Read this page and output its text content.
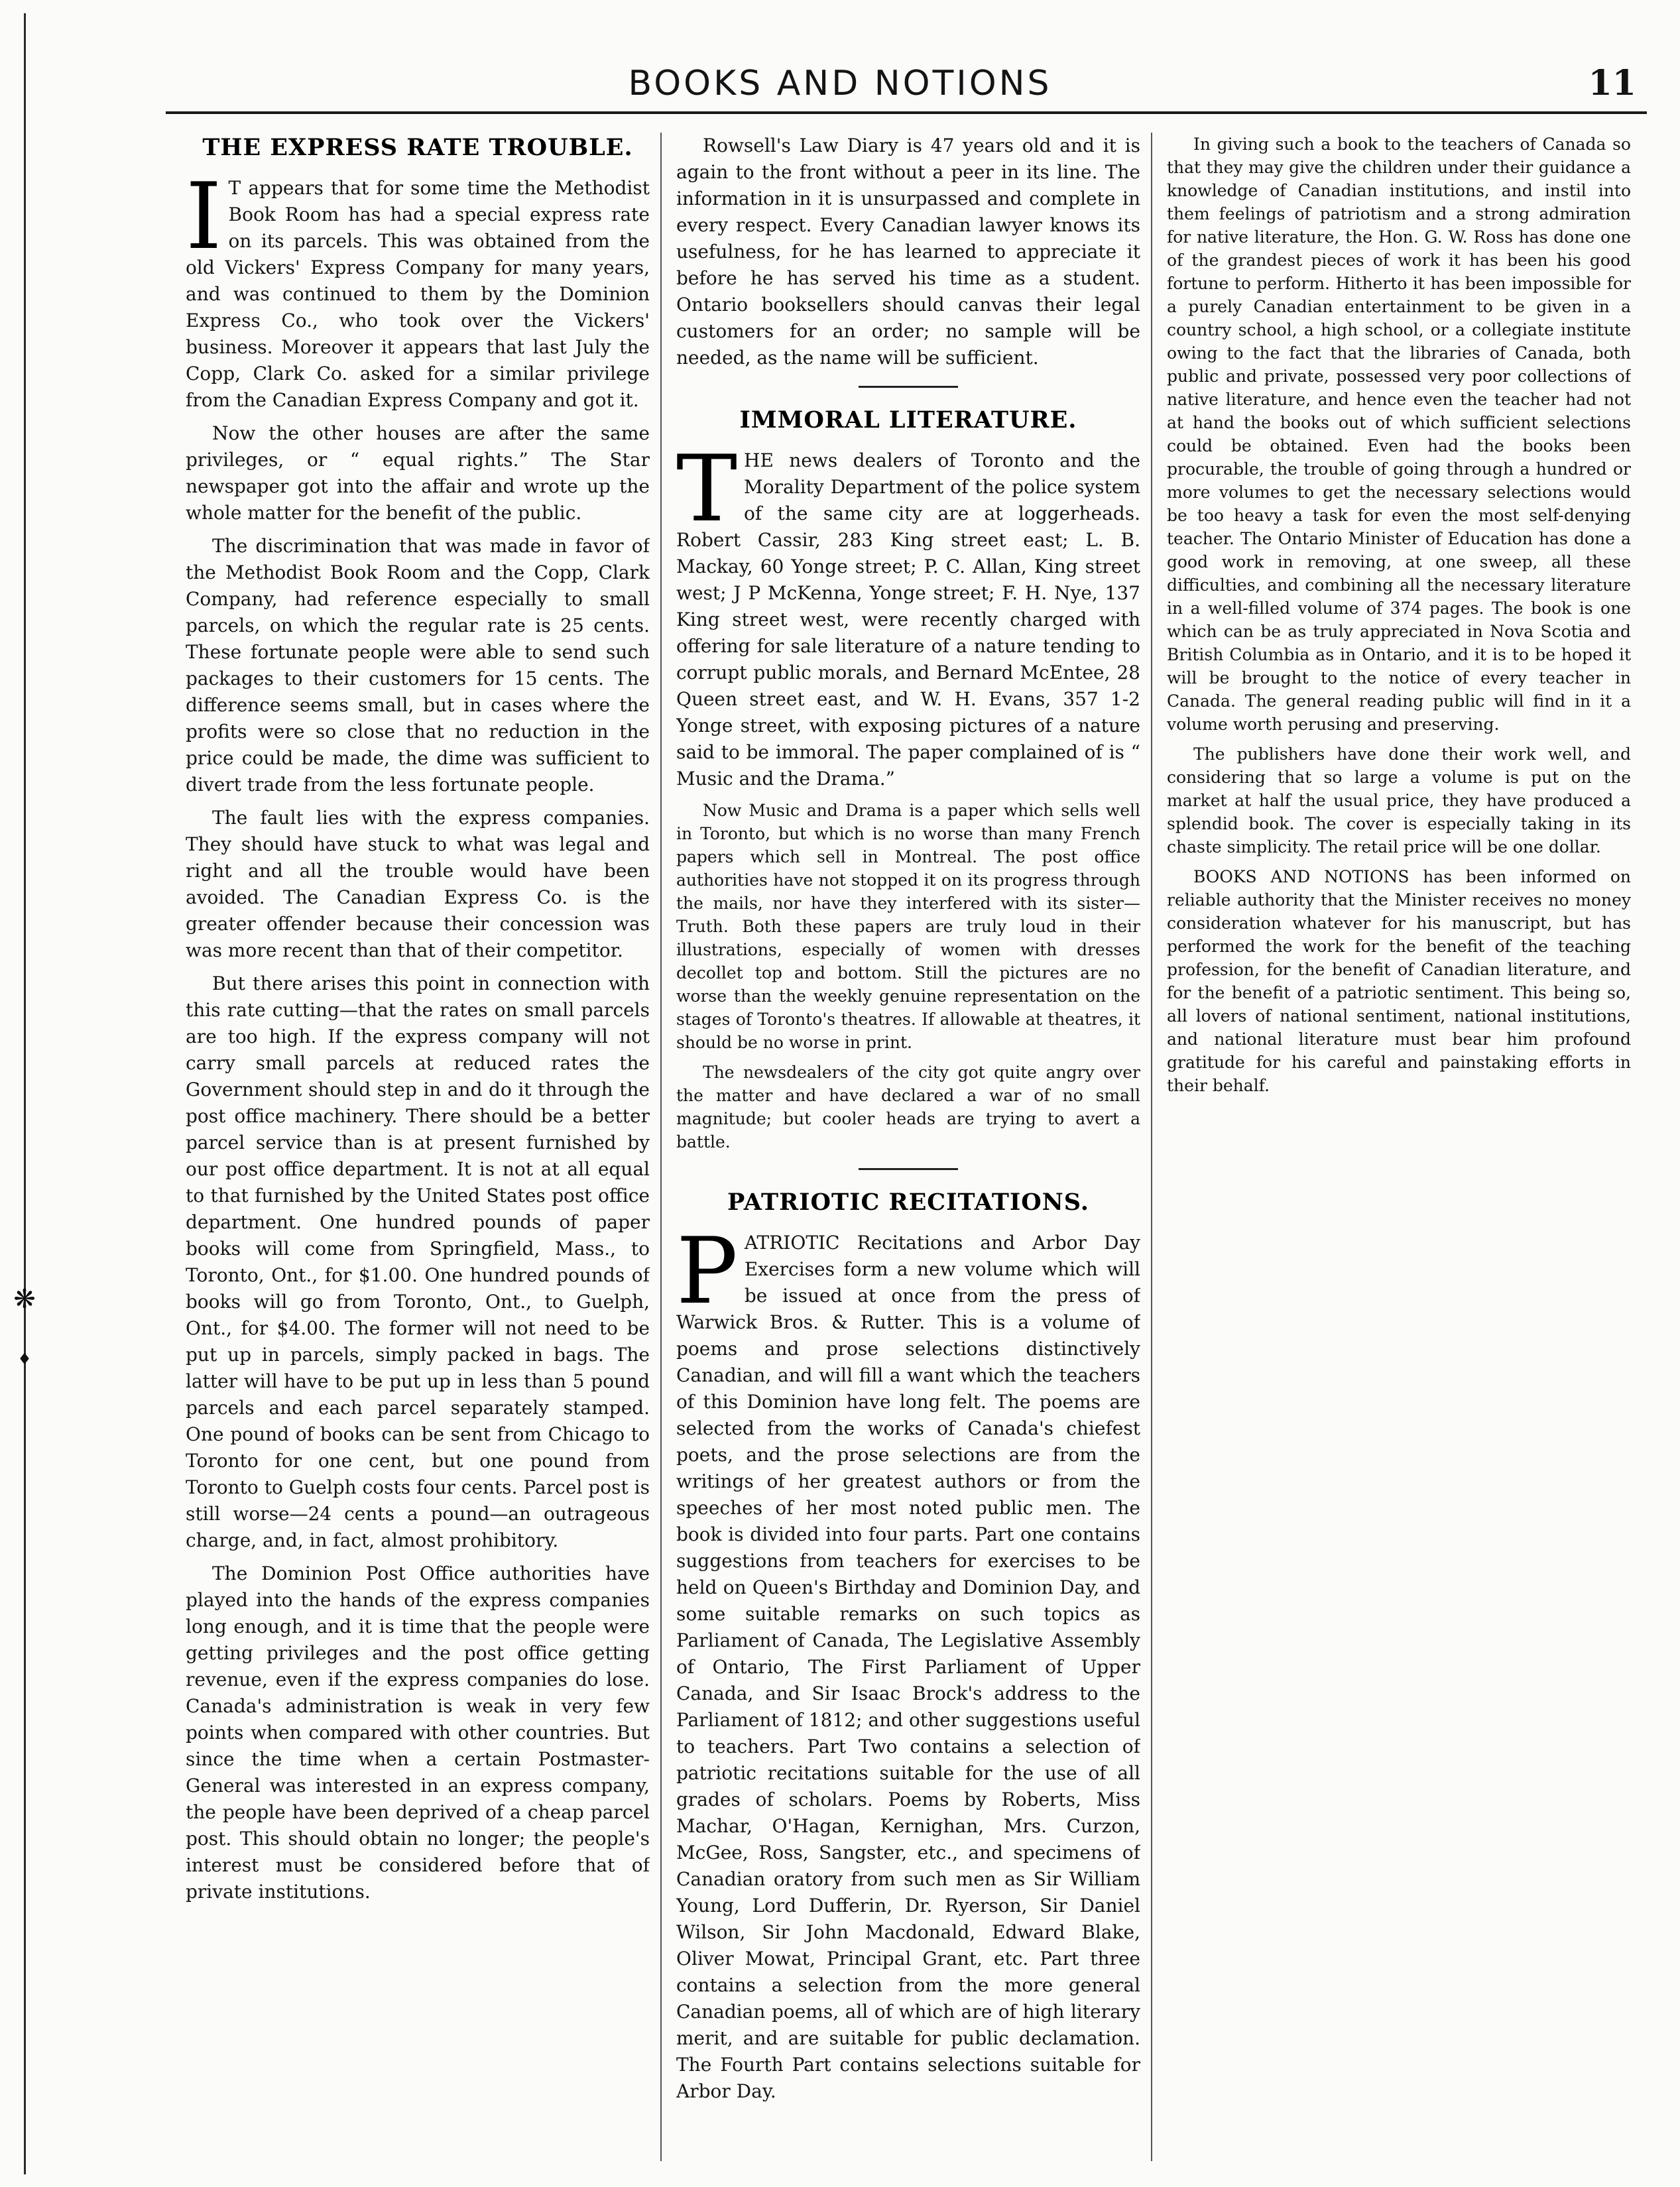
❋
♦
BOOKS AND NOTIONS	11
THE EXPRESS RATE TROUBLE.

I T appears that for some time the Methodist Book Room has had a special express rate on its parcels. This was obtained from the old Vickers' Express Company for many years, and was continued to them by the Dominion Express Co., who took over the Vickers' business. Moreover it appears that last July the Copp, Clark Co. asked for a similar privilege from the Canadian Express Company and got it.

Now the other houses are after the same privileges, or “ equal rights.” The Star newspaper got into the affair and wrote up the whole matter for the benefit of the public.

The discrimination that was made in favor of the Methodist Book Room and the Copp, Clark Company, had reference especially to small parcels, on which the regular rate is 25 cents. These fortunate people were able to send such packages to their customers for 15 cents. The difference seems small, but in cases where the profits were so close that no reduction in the price could be made, the dime was sufficient to divert trade from the less fortunate people.

The fault lies with the express companies. They should have stuck to what was legal and right and all the trouble would have been avoided. The Canadian Express Co. is the greater offender because their concession was was more recent than that of their competitor.

But there arises this point in connection with this rate cutting—that the rates on small parcels are too high. If the express company will not carry small parcels at reduced rates the Government should step in and do it through the post office machinery. There should be a better parcel service than is at present furnished by our post office department. It is not at all equal to that furnished by the United States post office department. One hundred pounds of paper books will come from Springfield, Mass., to Toronto, Ont., for $1.00. One hundred pounds of books will go from Toronto, Ont., to Guelph, Ont., for $4.00. The former will not need to be put up in parcels, simply packed in bags. The latter will have to be put up in less than 5 pound parcels and each parcel separately stamped. One pound of books can be sent from Chicago to Toronto for one cent, but one pound from Toronto to Guelph costs four cents. Parcel post is still worse—24 cents a pound—an outrageous charge, and, in fact, almost prohibitory.

The Dominion Post Office authorities have played into the hands of the express companies long enough, and it is time that the people were getting privileges and the post office getting revenue, even if the express companies do lose. Canada's administration is weak in very few points when compared with other countries. But since the time when a certain Postmaster-General was interested in an express company, the people have been deprived of a cheap parcel post. This should obtain no longer; the people's interest must be considered before that of private institutions.

Rowsell's Law Diary is 47 years old and it is again to the front without a peer in its line. The information in it is unsurpassed and complete in every respect. Every Canadian lawyer knows its usefulness, for he has learned to appreciate it before he has served his time as a student. Ontario booksellers should canvas their legal customers for an order; no sample will be needed, as the name will be sufficient.

IMMORAL LITERATURE.

THE news dealers of Toronto and the Morality Department of the police system of the same city are at loggerheads. Robert Cassir, 283 King street east; L. B. Mackay, 60 Yonge street; P. C. Allan, King street west; J P McKenna, Yonge street; F. H. Nye, 137 King street west, were recently charged with offering for sale literature of a nature tending to corrupt public morals, and Bernard McEntee, 28 Queen street east, and W. H. Evans, 357 1-2 Yonge street, with exposing pictures of a nature said to be immoral. The paper complained of is “ Music and the Drama.”

Now Music and Drama is a paper which sells well in Toronto, but which is no worse than many French papers which sell in Montreal. The post office authorities have not stopped it on its progress through the mails, nor have they interfered with its sister—Truth. Both these papers are truly loud in their illustrations, especially of women with dresses decollet top and bottom. Still the pictures are no worse than the weekly genuine representation on the stages of Toronto's theatres. If allowable at theatres, it should be no worse in print.

The newsdealers of the city got quite angry over the matter and have declared a war of no small magnitude; but cooler heads are trying to avert a battle.

PATRIOTIC RECITATIONS.

PATRIOTIC Recitations and Arbor Day Exercises form a new volume which will be issued at once from the press of Warwick Bros. & Rutter. This is a volume of poems and prose selections distinctively Canadian, and will fill a want which the teachers of this Dominion have long felt. The poems are selected from the works of Canada's chiefest poets, and the prose selections are from the writings of her greatest authors or from the speeches of her most noted public men. The book is divided into four parts. Part one contains suggestions from teachers for exercises to be held on Queen's Birthday and Dominion Day, and some suitable remarks on such topics as Parliament of Canada, The Legislative Assembly of Ontario, The First Parliament of Upper Canada, and Sir Isaac Brock's address to the Parliament of 1812; and other suggestions useful to teachers. Part Two contains a selection of patriotic recitations suitable for the use of all grades of scholars. Poems by Roberts, Miss Machar, O'Hagan, Kernighan, Mrs. Curzon, McGee, Ross, Sangster, etc., and specimens of Canadian oratory from such men as Sir William Young, Lord Dufferin, Dr. Ryerson, Sir Daniel Wilson, Sir John Macdonald, Edward Blake, Oliver Mowat, Principal Grant, etc. Part three contains a selection from the more general Canadian poems, all of which are of high literary merit, and are suitable for public declamation. The Fourth Part contains selections suitable for Arbor Day.

In giving such a book to the teachers of Canada so that they may give the children under their guidance a knowledge of Canadian institutions, and instil into them feelings of patriotism and a strong admiration for native literature, the Hon. G. W. Ross has done one of the grandest pieces of work it has been his good fortune to perform. Hitherto it has been impossible for a purely Canadian entertainment to be given in a country school, a high school, or a collegiate institute owing to the fact that the libraries of Canada, both public and private, possessed very poor collections of native literature, and hence even the teacher had not at hand the books out of which sufficient selections could be obtained. Even had the books been procurable, the trouble of going through a hundred or more volumes to get the necessary selections would be too heavy a task for even the most self-denying teacher. The Ontario Minister of Education has done a good work in removing, at one sweep, all these difficulties, and combining all the necessary literature in a well-filled volume of 374 pages. The book is one which can be as truly appreciated in Nova Scotia and British Columbia as in Ontario, and it is to be hoped it will be brought to the notice of every teacher in Canada. The general reading public will find in it a volume worth perusing and preserving.

The publishers have done their work well, and considering that so large a volume is put on the market at half the usual price, they have produced a splendid book. The cover is especially taking in its chaste simplicity. The retail price will be one dollar.

BOOKS AND NOTIONS has been informed on reliable authority that the Minister receives no money consideration whatever for his manuscript, but has performed the work for the benefit of the teaching profession, for the benefit of Canadian literature, and for the benefit of a patriotic sentiment. This being so, all lovers of national sentiment, national institutions, and national literature must bear him profound gratitude for his careful and painstaking efforts in their behalf.
